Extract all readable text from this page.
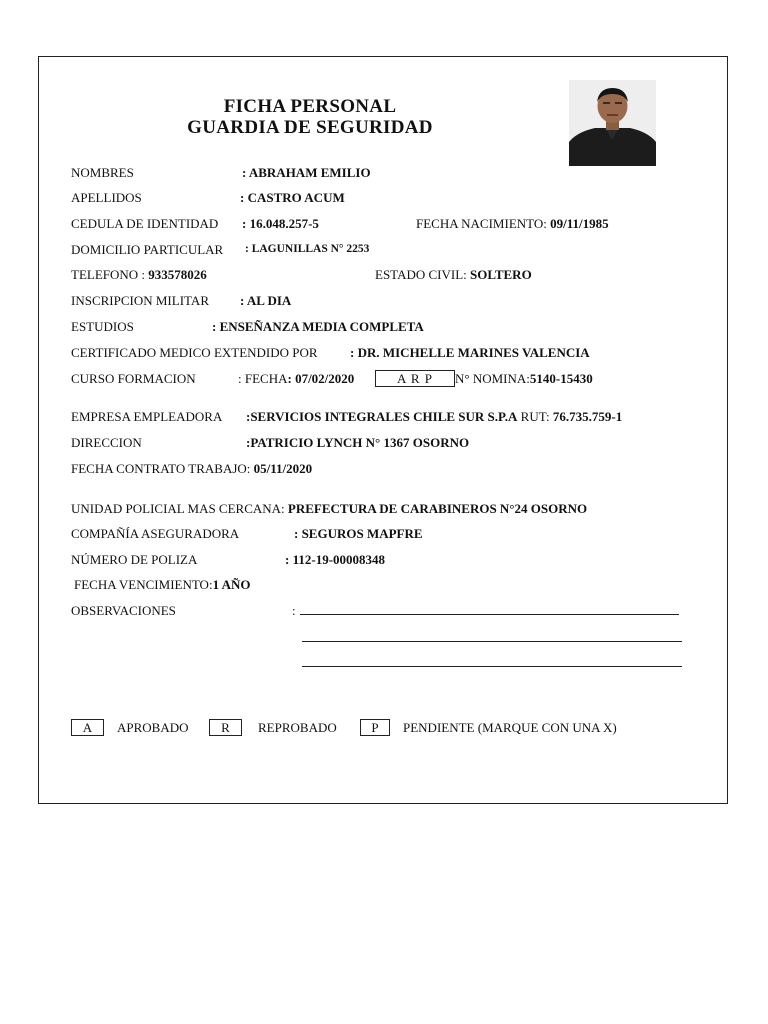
FICHA PERSONAL
GUARDIA DE SEGURIDAD
NOMBRES	: ABRAHAM EMILIO
APELLIDOS	: CASTRO ACUM
CEDULA DE IDENTIDAD : 16.048.257-5	FECHA NACIMIENTO: 09/11/1985
DOMICILIO PARTICULAR : LAGUNILLAS N° 2253
TELEFONO : 933578026	ESTADO CIVIL: SOLTERO
INSCRIPCION MILITAR : AL DIA
ESTUDIOS	: ENSEÑANZA MEDIA COMPLETA
CERTIFICADO MEDICO EXTENDIDO POR : DR. MICHELLE MARINES VALENCIA
CURSO FORMACION	: FECHA: 07/02/2020	A R P	N° NOMINA:5140-15430
EMPRESA EMPLEADORA :SERVICIOS INTEGRALES CHILE SUR S.P.A RUT: 76.735.759-1
DIRECCION	:PATRICIO LYNCH N° 1367 OSORNO
FECHA CONTRATO TRABAJO: 05/11/2020
UNIDAD POLICIAL MAS CERCANA: PREFECTURA DE CARABINEROS N°24 OSORNO
COMPAÑÍA ASEGURADORA	: SEGUROS MAPFRE
NÚMERO DE POLIZA	: 112-19-00008348
FECHA VENCIMIENTO:1 AÑO
OBSERVACIONES	:
A	APROBADO	R	REPROBADO	P	PENDIENTE (MARQUE CON UNA X)
